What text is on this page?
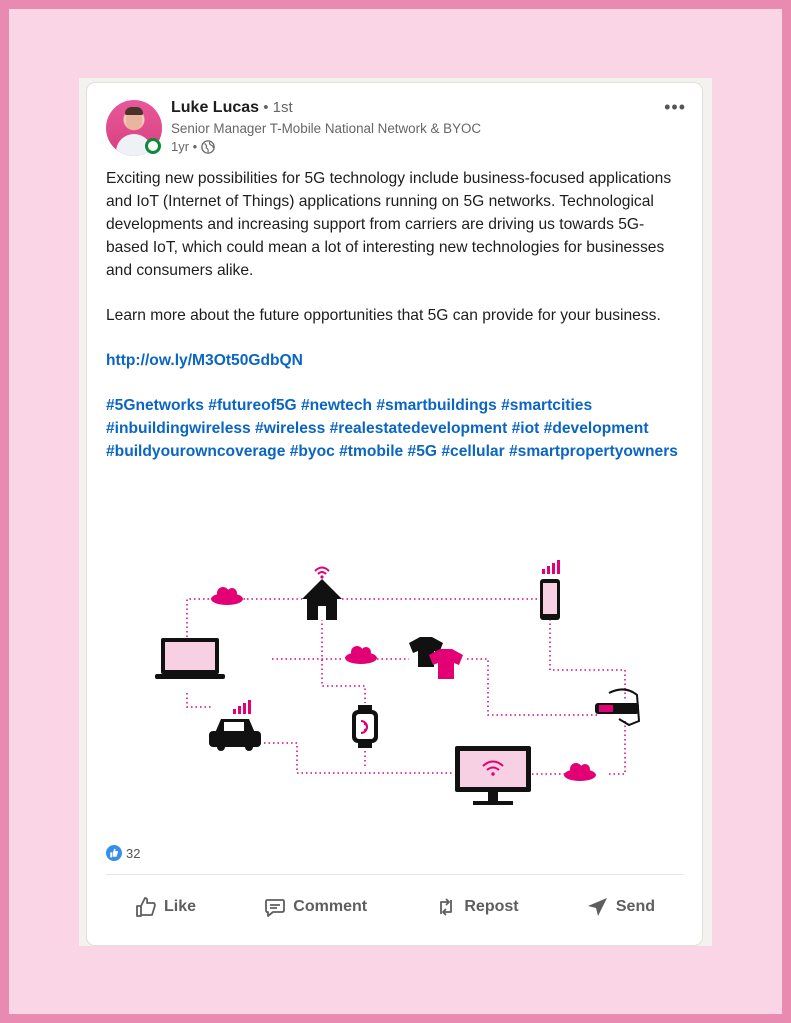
Luke Lucas • 1st
Senior Manager T-Mobile National Network & BYOC
1yr •
•••

Exciting new possibilities for 5G technology include business-focused applications and IoT (Internet of Things) applications running on 5G networks. Technological developments and increasing support from carriers are driving us towards 5G-based IoT, which could mean a lot of interesting new technologies for businesses and consumers alike.

Learn more about the future opportunities that 5G can provide for your business.

http://ow.ly/M3Ot50GdbQN

#5Gnetworks #futureof5G #newtech #smartbuildings #smartcities #inbuildingwireless #wireless #realestatedevelopment #iot #development #buildyourowncoverage #byoc #tmobile #5G #cellular #smartpropertyowners

32
Like	Comment	Repost	Send
